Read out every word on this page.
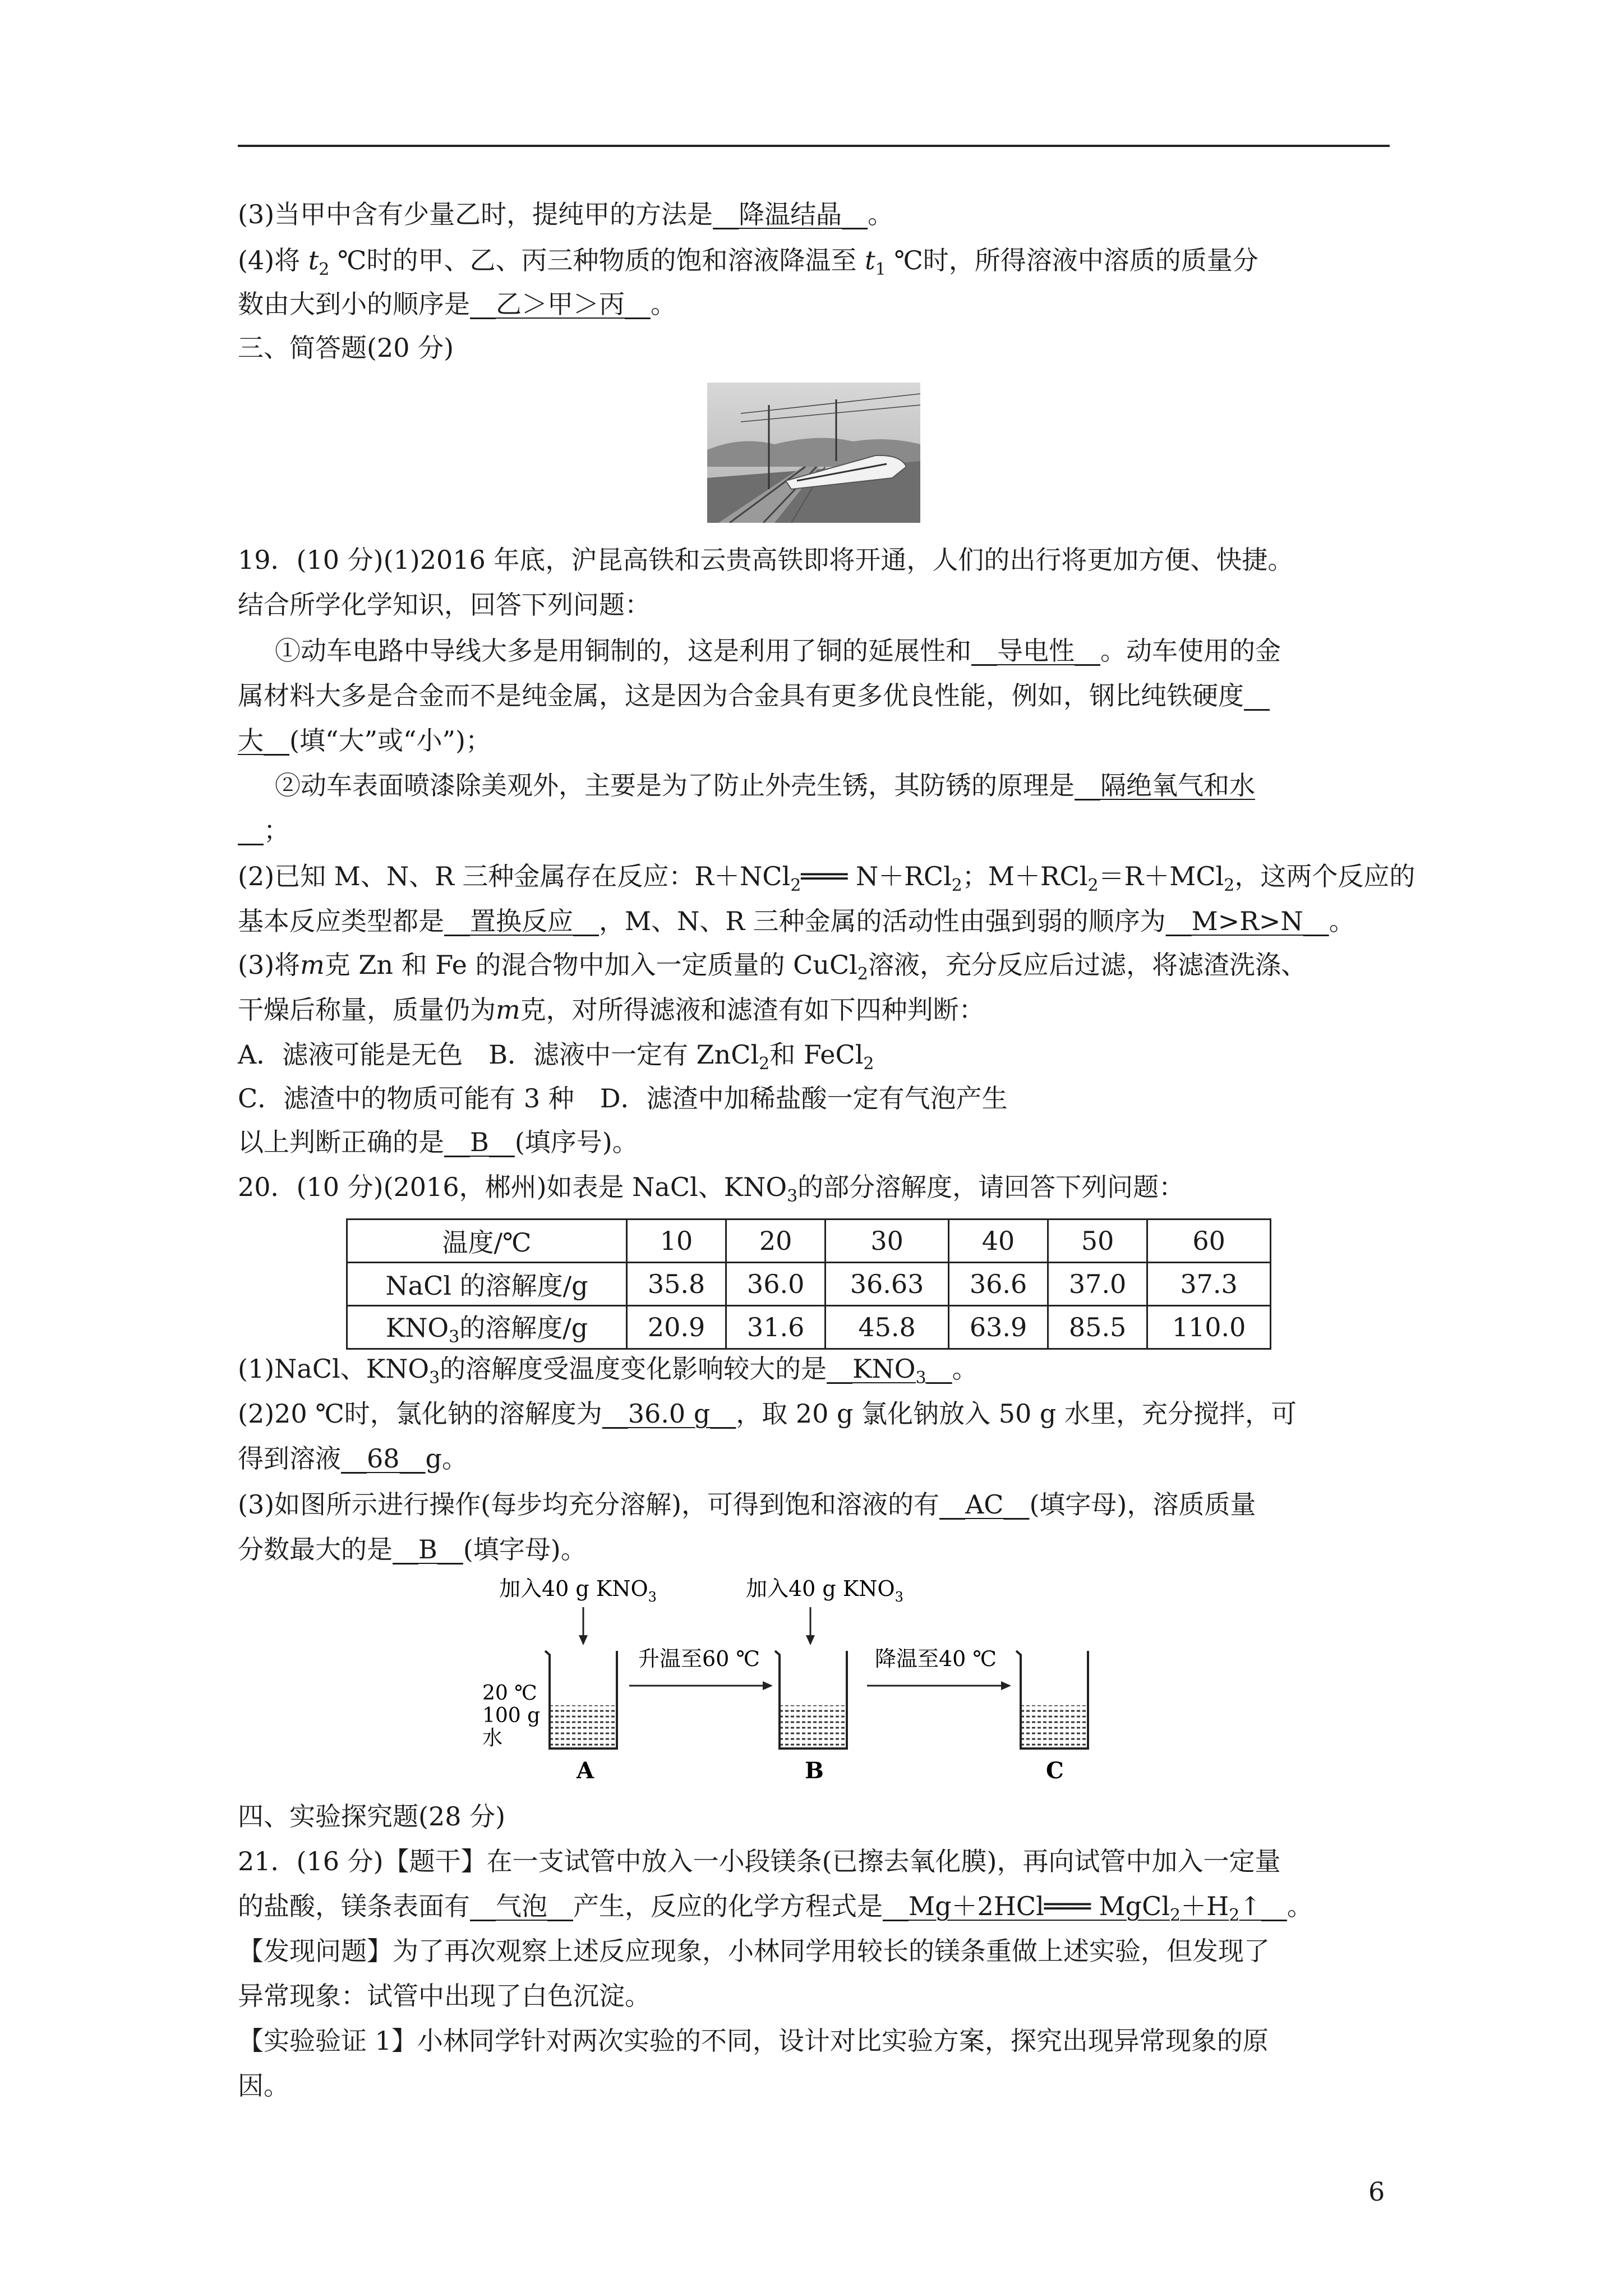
(3)当甲中含有少量乙时，提纯甲的方法是__降温结晶__。
(4)将 $t_2$ ℃时的甲、乙、丙三种物质的饱和溶液降温至 $t_1$ ℃时，所得溶液中溶质的质量分
数由大到小的顺序是__乙＞甲＞丙__。
三、简答题(20 分)
19．(10 分)(1)2016 年底，沪昆高铁和云贵高铁即将开通，人们的出行将更加方便、快捷。
结合所学化学知识，回答下列问题：
①动车电路中导线大多是用铜制的，这是利用了铜的延展性和__导电性__。动车使用的金
属材料大多是合金而不是纯金属，这是因为合金具有更多优良性能，例如，钢比纯铁硬度__
大__(填“大”或“小”)；
②动车表面喷漆除美观外，主要是为了防止外壳生锈，其防锈的原理是__隔绝氧气和水
__；
(2)已知 M、N、R 三种金属存在反应：R＋NCl$_2$═══ N＋RCl$_2$；M＋RCl$_2$＝R＋MCl$_2$，这两个反应的
基本反应类型都是__置换反应__，M、N、R 三种金属的活动性由强到弱的顺序为__M>R>N__。
(3)将m克 Zn 和 Fe 的混合物中加入一定质量的 CuCl$_2$溶液，充分反应后过滤，将滤渣洗涤、
干燥后称量，质量仍为m克，对所得滤液和滤渣有如下四种判断：
A．滤液可能是无色　B．滤液中一定有 ZnCl$_2$和 FeCl$_2$
C．滤渣中的物质可能有 3 种　D．滤渣中加稀盐酸一定有气泡产生
以上判断正确的是__B__(填序号)。
20．(10 分)(2016，郴州)如表是 NaCl、$KNO_3$的部分溶解度，请回答下列问题：
温度/℃	10	20	30	40	50	60
NaCl 的溶解度/g	35.8	36.0	36.63	36.6	37.0	37.3
$KNO_3$的溶解度/g	20.9	31.6	45.8	63.9	85.5	110.0
(1)NaCl、$KNO_3$的溶解度受温度变化影响较大的是$\_\_KNO_3\_\_$。
(2)20 ℃时，氯化钠的溶解度为__36.0 g__，取 20 g 氯化钠放入 50 g 水里，充分搅拌，可
得到溶液__68__g。
(3)如图所示进行操作(每步均充分溶解)，可得到饱和溶液的有__AC__(填字母)，溶质质量
分数最大的是__B__(填字母)。
加入40 g $KNO_3$	加入40 g $KNO_3$
20 ℃
100 g
水
升温至60 ℃	降温至40 ℃
A	B	C
四、实验探究题(28 分)
21．(16 分)【题干】在一支试管中放入一小段镁条(已擦去氧化膜)，再向试管中加入一定量
的盐酸，镁条表面有__气泡__产生，反应的化学方程式是__Mg＋2HCl═══ $MgCl_2+H_2↑\_\_$。
【发现问题】为了再次观察上述反应现象，小林同学用较长的镁条重做上述实验，但发现了
异常现象：试管中出现了白色沉淀。
【实验验证 1】小林同学针对两次实验的不同，设计对比实验方案，探究出现异常现象的原
因。
6
